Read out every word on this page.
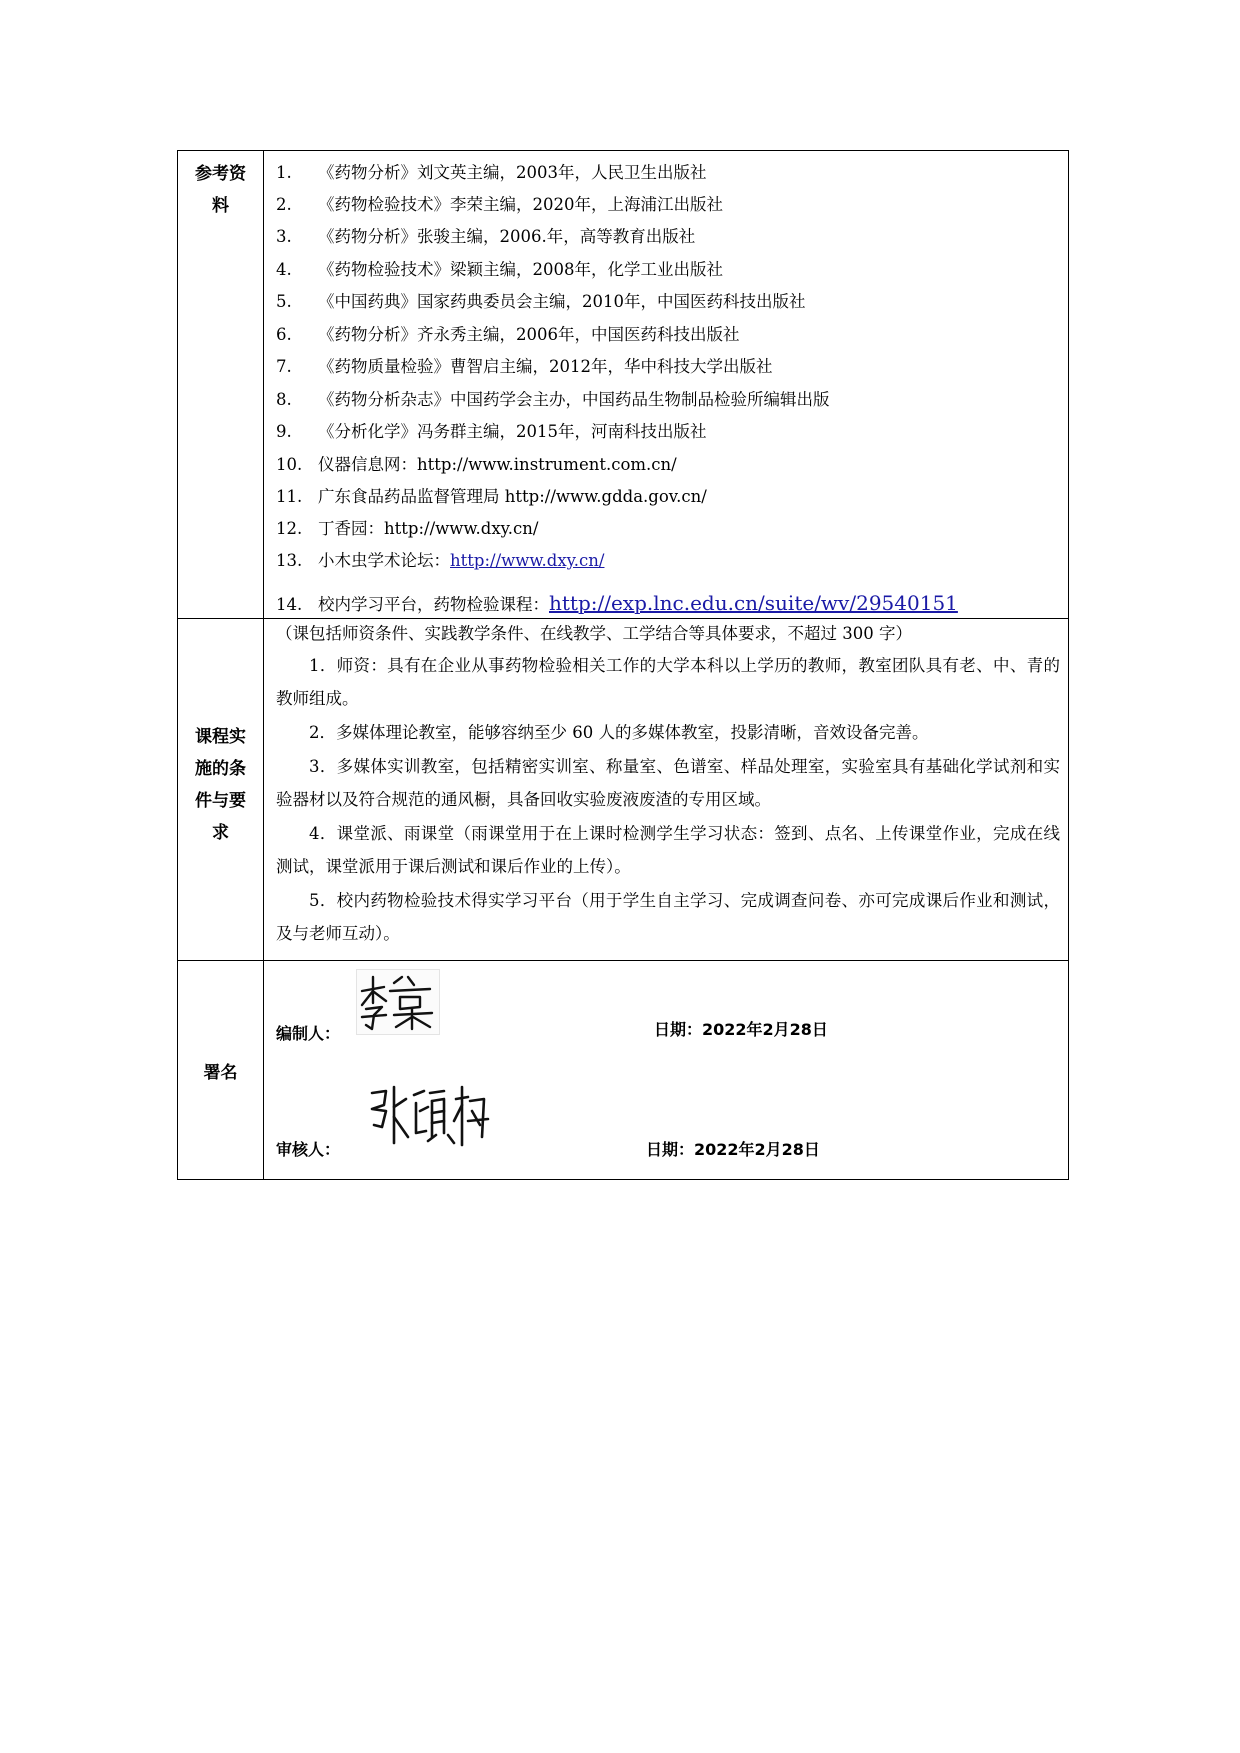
参考资
料
1. 《药物分析》刘文英主编，2003年，人民卫生出版社
2. 《药物检验技术》李荣主编，2020年，上海浦江出版社
3. 《药物分析》张骏主编，2006.年，高等教育出版社
4. 《药物检验技术》梁颖主编，2008年，化学工业出版社
5. 《中国药典》国家药典委员会主编，2010年，中国医药科技出版社
6. 《药物分析》齐永秀主编，2006年，中国医药科技出版社
7. 《药物质量检验》曹智启主编，2012年，华中科技大学出版社
8. 《药物分析杂志》中国药学会主办，中国药品生物制品检验所编辑出版
9. 《分析化学》冯务群主编，2015年，河南科技出版社
10. 仪器信息网：http://www.instrument.com.cn/
11. 广东食品药品监督管理局 http://www.gdda.gov.cn/
12. 丁香园：http://www.dxy.cn/
13. 小木虫学术论坛：http://www.dxy.cn/
14. 校内学习平台，药物检验课程：http://exp.lnc.edu.cn/suite/wv/29540151
课程实
施的条
件与要
求
（课包括师资条件、实践教学条件、在线教学、工学结合等具体要求，不超过 300 字）
1．师资：具有在企业从事药物检验相关工作的大学本科以上学历的教师，教室团队具有老、中、青的教师组成。
2．多媒体理论教室，能够容纳至少 60 人的多媒体教室，投影清晰，音效设备完善。
3．多媒体实训教室，包括精密实训室、称量室、色谱室、样品处理室，实验室具有基础化学试剂和实验器材以及符合规范的通风橱，具备回收实验废液废渣的专用区域。
4．课堂派、雨课堂（雨课堂用于在上课时检测学生学习状态：签到、点名、上传课堂作业，完成在线测试，课堂派用于课后测试和课后作业的上传）。
5．校内药物检验技术得实学习平台（用于学生自主学习、完成调查问卷、亦可完成课后作业和测试，及与老师互动）。
署名
编制人：	日期：2022年2月28日
审核人：	日期：2022年2月28日
